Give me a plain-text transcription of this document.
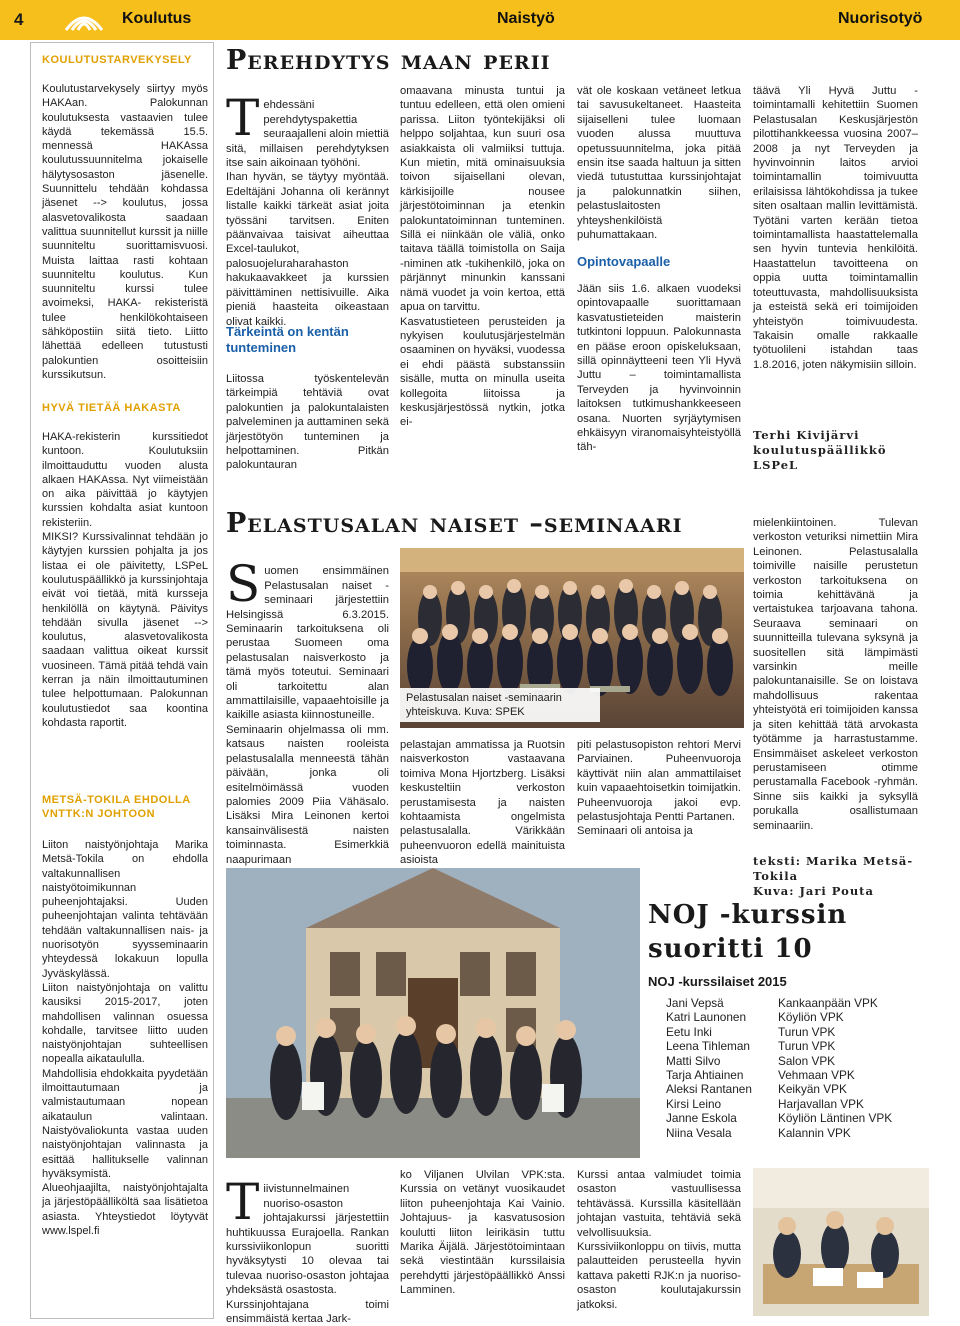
4	Koulutus	Naistyö	Nuorisotyö
KOULUTUSTARVEKYSELY
Koulutustarvekysely siirtyy myös HAKAan. Palokunnan koulutuksesta vastaavien tulee käydä tekemässä 15.5. mennessä HAKAssa koulutussuunnitelma jokaiselle hälytysosaston jäsenelle. Suunnittelu tehdään kohdassa jäsenet --> koulutus, jossa alasvetovalikosta saadaan valittua suunnitellut kurssit ja niille suunniteltu suorittamisvuosi. Muista laittaa rasti kohtaan suunniteltu koulutus. Kun suunniteltu kurssi tulee avoimeksi, HAKA- rekisteristä tulee henkilökohtaiseen sähköpostiin siitä tieto. Liitto lähettää edelleen tutustusti palokuntien osoitteisiin kurssikutsun.
HYVÄ TIETÄÄ HAKASTA
HAKA-rekisterin kurssitiedot kuntoon. Koulutuksiin ilmoittauduttu vuoden alusta alkaen HAKAssa. Nyt viimeistään on aika päivittää jo käytyjen kurssien kohdalta asiat kuntoon rekisteriin.
MIKSI? Kurssivalinnat tehdään jo käytyjen kurssien pohjalta ja jos listaa ei ole päivitetty, LSPeL koulutuspäällikkö ja kurssinjohtaja eivät voi tietää, mitä kursseja henkilöllä on käytynä. Päivitys tehdään sivulla jäsenet --> koulutus, alasvetovalikosta saadaan valittua oikeat kurssit vuosineen. Tämä pitää tehdä vain kerran ja näin ilmoittautuminen tulee helpottumaan. Palokunnan koulutustiedot saa koontina kohdasta raportit.
METSÄ-TOKILA EHDOLLA
VNTTK:N JOHTOON
Liiton naistyönjohtaja Marika Metsä-Tokila on ehdolla valtakunnallisen naistyötoimikunnan puheenjohtajaksi. Uuden puheenjohtajan valinta tehtävään tehdään valtakunnallisen nais- ja nuorisotyön syysseminaarin yhteydessä lokakuun lopulla Jyväskylässä.
Liiton naistyönjohtaja on valittu kausiksi 2015-2017, joten mahdollisen valinnan osuessa kohdalle, tarvitsee liitto uuden naistyönjohtajan suhteellisen nopealla aikataululla.
Mahdollisia ehdokkaita pyydetään ilmoittautumaan ja valmistautumaan nopean aikataulun valintaan. Naistyövaliokunta vastaa uuden naistyönjohtajan valinnasta ja esittää hallitukselle valinnan hyväksymistä.
Alueohjaajilta, naistyönjohtajalta ja järjestöpäälliköltä saa lisätietoa asiasta. Yhteystiedot löytyvät www.lspel.fi
Perehdytys maan perii

Tehdessäni perehdytyspakettia seuraajalleni aloin miettiä sitä, millaisen perehdytyksen itse sain aikoinaan työhöni.
Ihan hyvän, se täytyy myöntää. Edeltäjäni Johanna oli kerännyt listalle kaikki tärkeät asiat joita työssäni tarvitsen. Eniten päänvaivaa taisivat aiheuttaa Excel-taulukot, palosuojeluraharahaston hakukaavakkeet ja kurssien päivittäminen nettisivuille. Aika pieniä haasteita oikeastaan olivat kaikki.

Tärkeintä on kentän tunteminen
Liitossa työskentelevän tärkeimpiä tehtäviä ovat palokuntien ja palokuntalaisten palveleminen ja auttaminen sekä järjestötyön tunteminen ja helpottaminen. Pitkän palokuntauran
omaavana minusta tuntui ja tuntuu edelleen, että olen omieni parissa. Liiton työntekijäksi oli helppo soljahtaa, kun suuri osa asiakkaista oli valmiiksi tuttuja. Kun mietin, mitä ominaisuuksia toivon sijaisellani olevan, kärkisijoille nousee järjestötoiminnan ja etenkin palokuntatoiminnan tunteminen. Sillä ei niinkään ole väliä, onko taitava täällä toimistolla on Saija -niminen atk -tukihenkilö, joka on pärjännyt minunkin kanssani nämä vuodet ja voin kertoa, että apua on tarvittu.
Kasvatustieteen perusteiden ja nykyisen koulutusjärjestelmän osaaminen on hyväksi, vuodessa ei ehdi päästä substanssiin sisälle, mutta on minulla useita kollegoita liitoissa ja keskusjärjestössä nytkin, jotka ei-
vät ole koskaan vetäneet letkua tai savusukeltaneet. Haasteita sijaiselleni tulee luomaan vuoden alussa muuttuva opetussuunnitelma, joka pitää ensin itse saada haltuun ja sitten viedä tutustuttaa kurssinjohtajat ja palokunnatkin siihen, pelastuslaitosten yhteyshenkilöistä puhumattakaan.
Opintovapaalle
Jään siis 1.6. alkaen vuodeksi opintovapaalle suorittamaan kasvatustieteiden maisterin tutkintoni loppuun. Palokunnasta en pääse eroon opiskeluksaan, sillä opinnäytteeni teen Yli Hyvä Juttu – toimintamallista Terveyden ja hyvinvoinnin laitoksen tutkimushankkeeseen osana. Nuorten syrjäytymisen ehkäisyyn viranomaisyhteistyöllä täh-
täävä Yli Hyvä Juttu -toimintamalli kehitettiin Suomen Pelastusalan Keskusjärjestön pilottihankkeessa vuosina 2007–2008 ja nyt Terveyden ja hyvinvoinnin laitos arvioi toimintamallin toimivuutta erilaisissa lähtökohdissa ja tukee siten osaltaan mallin levittämistä. Työtäni varten kerään tietoa toimintamallista haastattelemalla sen hyvin tuntevia henkilöitä. Haastattelun tavoitteena on oppia uutta toimintamallin toteuttuvasta, mahdollisuuksista ja esteistä sekä eri toimijoiden yhteistyön toimivuudesta. Takaisin omalle rakkaalle työtuolileni istahdan taas 1.8.2016, joten näkymisiin silloin.
Terhi Kivijärvi
koulutuspäällikkö
LSPeL
Pelastusalan naiset –seminaari

Suomen ensimmäinen Pelastusalan naiset -seminaari järjestettiin Helsingissä 6.3.2015. Seminaarin tarkoituksena oli perustaa Suomeen oma pelastusalan naisverkosto ja tämä myös toteutui. Seminaari oli tarkoitettu alan ammattilaisille, vapaaehtoisille ja kaikille asiasta kiinnostuneille.
Seminaarin ohjelmassa oli mm. katsaus naisten rooleista pelastusalalla menneestä tähän päivään, jonka oli esitelmöimässä vuoden palomies 2009 Piia Vähäsalo. Lisäksi Mira Leinonen kertoi kansainvälisestä naisten toiminnasta. Esimerkkiä naapurimaan

Pelastusalan naiset -seminaarin yhteiskuva. Kuva: SPEK
pelastajan ammatissa ja Ruotsin naisverkoston vastaavana toimiva Mona Hjortzberg. Lisäksi keskusteltiin verkoston perustamisesta ja naisten kohtaamista ongelmista pelastusalalla. Värikkään puheenvuoron edellä mainituista asioista
piti pelastusopiston rehtori Mervi Parviainen. Puheenvuoroja käyttivät niin alan ammattilaiset kuin vapaaehtoisetkin toimijatkin. Puheenvuoroja jakoi evp. pelastusjohtaja Pentti Partanen.
Seminaari oli antoisa ja
mielenkiintoinen. Tulevan verkoston veturiksi nimettiin Mira Leinonen. Pelastusalalla toimiville naisille perustetun verkoston tarkoituksena on toimia kehittävänä ja vertaistukea tarjoavana tahona. Seuraava seminaari on suunnitteilla tulevana syksynä ja suositellen sitä lämpimästi varsinkin meille palokuntanaisille. Se on loistava mahdollisuus rakentaa yhteistyötä eri toimijoiden kanssa ja siten kehittää tätä arvokasta työtämme ja harrastustamme. Ensimmäiset askeleet verkoston perustamiseen otimme perustamalla Facebook -ryhmän. Sinne siis kaikki ja syksyllä porukalla osallistumaan seminaariin.
teksti: Marika Metsä-Tokila
Kuva: Jari Pouta
NOJ -kurssin
suoritti 10
NOJ -kurssilaiset 2015
Jani Vepsä	Kankaanpään VPK
Katri Launonen	Köyliön VPK
Eetu Inki	Turun VPK
Leena Tihleman Turun VPK
Matti Silvo	Salon VPK
Tarja Ahtiainen	Vehmaan VPK
Aleksi Rantanen Keikyän VPK
Kirsi Leino	Harjavallan VPK
Janne Eskola	Köyliön Läntinen VPK
Niina Vesala	Kalannin VPK

Tiivistunnelmainen nuoriso-osaston johtajakurssi järjestettiin huhtikuussa Eurajoella. Rankan kurssiviikonlopun suoritti hyväksytysti 10 olevaa tai tulevaa nuoriso-osaston johtajaa yhdeksästä osastosta.
Kurssinjohtajana toimi ensimmäistä kertaa Jark-

ko Viljanen Ulvilan VPK:sta. Kurssia on vetänyt vuosikaudet liiton puheenjohtaja Kai Vainio. Johtajuus- ja kasvatusosion koulutti liiton leirikäsin tuttu Marika Äijälä. Järjestötoimintaan sekä viestintään kurssilaisia perehdytti järjestöpäällikkö Anssi Lamminen.
Kurssi antaa valmiudet toimia osaston vastuullisessa tehtävässä. Kurssilla käsitellään johtajan vastuita, tehtäviä sekä velvollisuuksia. Kurssiviikonloppu on tiivis, mutta palautteiden perusteella hyvin kattava paketti RJK:n ja nuoriso-osaston koulutajakurssin jatkoksi.
